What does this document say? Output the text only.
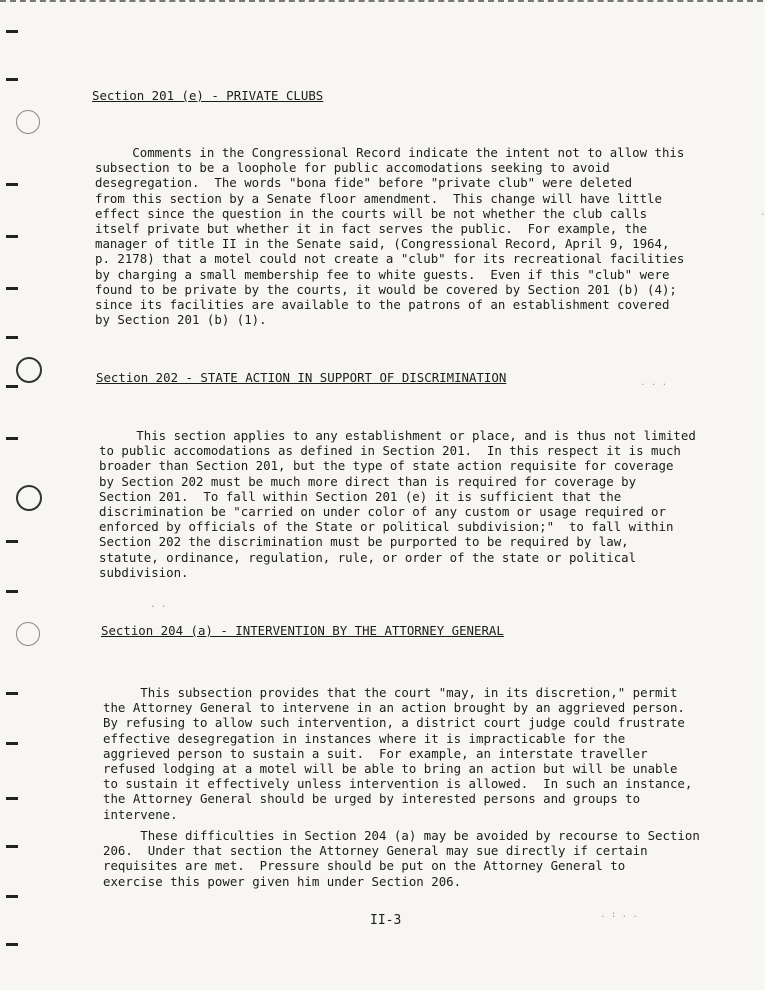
Section 201 (e) - PRIVATE CLUBS
Comments in the Congressional Record indicate the intent not to allow this
subsection to be a loophole for public accomodations seeking to avoid
desegregation.  The words "bona fide" before "private club" were deleted
from this section by a Senate floor amendment.  This change will have little
effect since the question in the courts will be not whether the club calls
itself private but whether it in fact serves the public.  For example, the
manager of title II in the Senate said, (Congressional Record, April 9, 1964,
p. 2178) that a motel could not create a "club" for its recreational facilities
by charging a small membership fee to white guests.  Even if this "club" were
found to be private by the courts, it would be covered by Section 201 (b) (4);
since its facilities are available to the patrons of an establishment covered
by Section 201 (b) (1).
Section 202 - STATE ACTION IN SUPPORT OF DISCRIMINATION
This section applies to any establishment or place, and is thus not limited
to public accomodations as defined in Section 201.  In this respect it is much
broader than Section 201, but the type of state action requisite for coverage
by Section 202 must be much more direct than is required for coverage by
Section 201.  To fall within Section 201 (e) it is sufficient that the
discrimination be "carried on under color of any custom or usage required or
enforced by officials of the State or political subdivision;"  to fall within
Section 202 the discrimination must be purported to be required by law,
statute, ordinance, regulation, rule, or order of the state or political
subdivision.
Section 204 (a) - INTERVENTION BY THE ATTORNEY GENERAL
This subsection provides that the court "may, in its discretion," permit
the Attorney General to intervene in an action brought by an aggrieved person.
By refusing to allow such intervention, a district court judge could frustrate
effective desegregation in instances where it is impracticable for the
aggrieved person to sustain a suit.  For example, an interstate traveller
refused lodging at a motel will be able to bring an action but will be unable
to sustain it effectively unless intervention is allowed.  In such an instance,
the Attorney General should be urged by interested persons and groups to
intervene.
These difficulties in Section 204 (a) may be avoided by recourse to Section
206.  Under that section the Attorney General may sue directly if certain
requisites are met.  Pressure should be put on the Attorney General to
exercise this power given him under Section 206.
II-3
. . .
.
. : . .
. .
